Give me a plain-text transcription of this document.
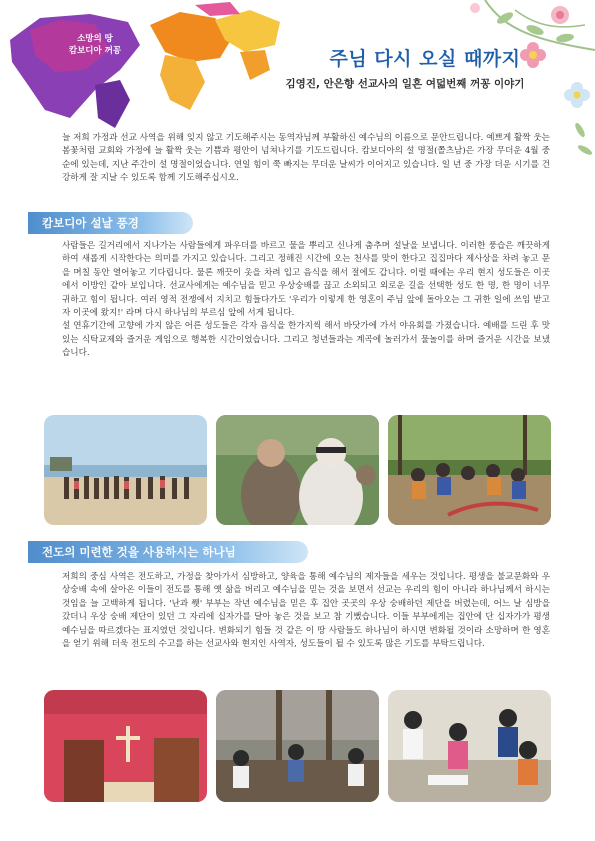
소망의 땅
캄보디아 꺼꽁	주님 다시 오실 때까지
김영진, 안은향 선교사의 일흔 여덟번째 꺼꽁 이야기
늘 저희 가정과 선교 사역을 위해 잊지 않고 기도해주시는 동역자님께 부활하신 예수님의 이름으로 문안드립니다. 예쁘게 활짝 웃는 봄꽃처럼 교회와 가정에 늘 활짝 웃는 기쁨과 평안이 넘쳐나기를 기도드립니다. 캄보디아의 설 명절(쫄츠남)은 가장 무더운 4월 중순에 있는데, 지난 주간이 설 명절이었습니다. 연일 힘이 쭉 빠지는 무더운 날씨가 이어지고 있습니다. 일 년 중 가장 더운 시기를 건강하게 잘 지날 수 있도록 함께 기도해주십시오.
캄보디아 설날 풍경
사람들은 길거리에서 지나가는 사람들에게 파우더를 바르고 물을 뿌리고 신나게 춤추며 설날을 보냅니다. 이러한 풍습은 깨끗하게 하여 새롭게 시작한다는 의미를 가지고 있습니다. 그리고 정해진 시간에 오는 천사를 맞이 한다고 집집마다 제사상을 차려 놓고 문을 며칠 동안 열어놓고 기다립니다. 물론 깨끗이 옷을 차려 입고 음식을 해서 절에도 갑니다. 이럴 때에는 우리 현지 성도들은 이곳에서 이방인 같아 보입니다. 선교사에게는 예수님을 믿고 우상숭배를 끊고 소외되고 외로운 길을 선택한 성도 한 명, 한 명이 너무 귀하고 힘이 됩니다. 여러 영적 전쟁에서 지치고 힘들다가도 '우리가 이렇게 한 영혼이 주님 앞에 돌아오는 그 귀한 일에 쓰임 받고자 이곳에 왔지!' 라며 다시 하나님의 부르심 앞에 서게 됩니다.
설 연휴기간에 고향에 가지 않은 어른 성도들은 각자 음식을 한가지씩 해서 바닷가에 가서 야유회를 가졌습니다. 예배를 드린 후 맛있는 식탁교제와 즐거운 게임으로 행복한 시간이었습니다. 그리고 청년들과는 계곡에 놀러가서 물놀이를 하며 즐거운 시간을 보냈습니다.
전도의 미련한 것을 사용하시는 하나님
저희의 중심 사역은 전도하고, 가정을 찾아가서 심방하고, 양육을 통해 예수님의 제자들을 세우는 것입니다. 평생을 불교문화와 우상숭배 속에 살아온 이들이 전도를 통해 옛 삶을 버리고 예수님을 믿는 것을 보면서 선교는 우리의 힘이 아니라 하나님께서 하시는 것임을 늘 고백하게 됩니다. '난과 쮓' 부부는 작년 예수님을 믿은 후 집안 곳곳의 우상 숭배하던 제단을 버렸는데, 어느 날 심방을 갔더니 우상 숭배 제단이 있던 그 자리에 십자가를 달아 놓은 것을 보고 참 기뻤습니다. 이들 부부에게는 집안에 단 십자가가 평생 예수님을 따르겠다는 표지였던 것입니다. 변화되기 힘들 것 같은 이 땅 사람들도 하나님이 하시면 변화될 것이라 소망하며 한 영혼을 얻기 위해 더욱 전도의 수고를 하는 선교사와 현지인 사역자, 성도들이 될 수 있도록 많은 기도를 부탁드립니다.
